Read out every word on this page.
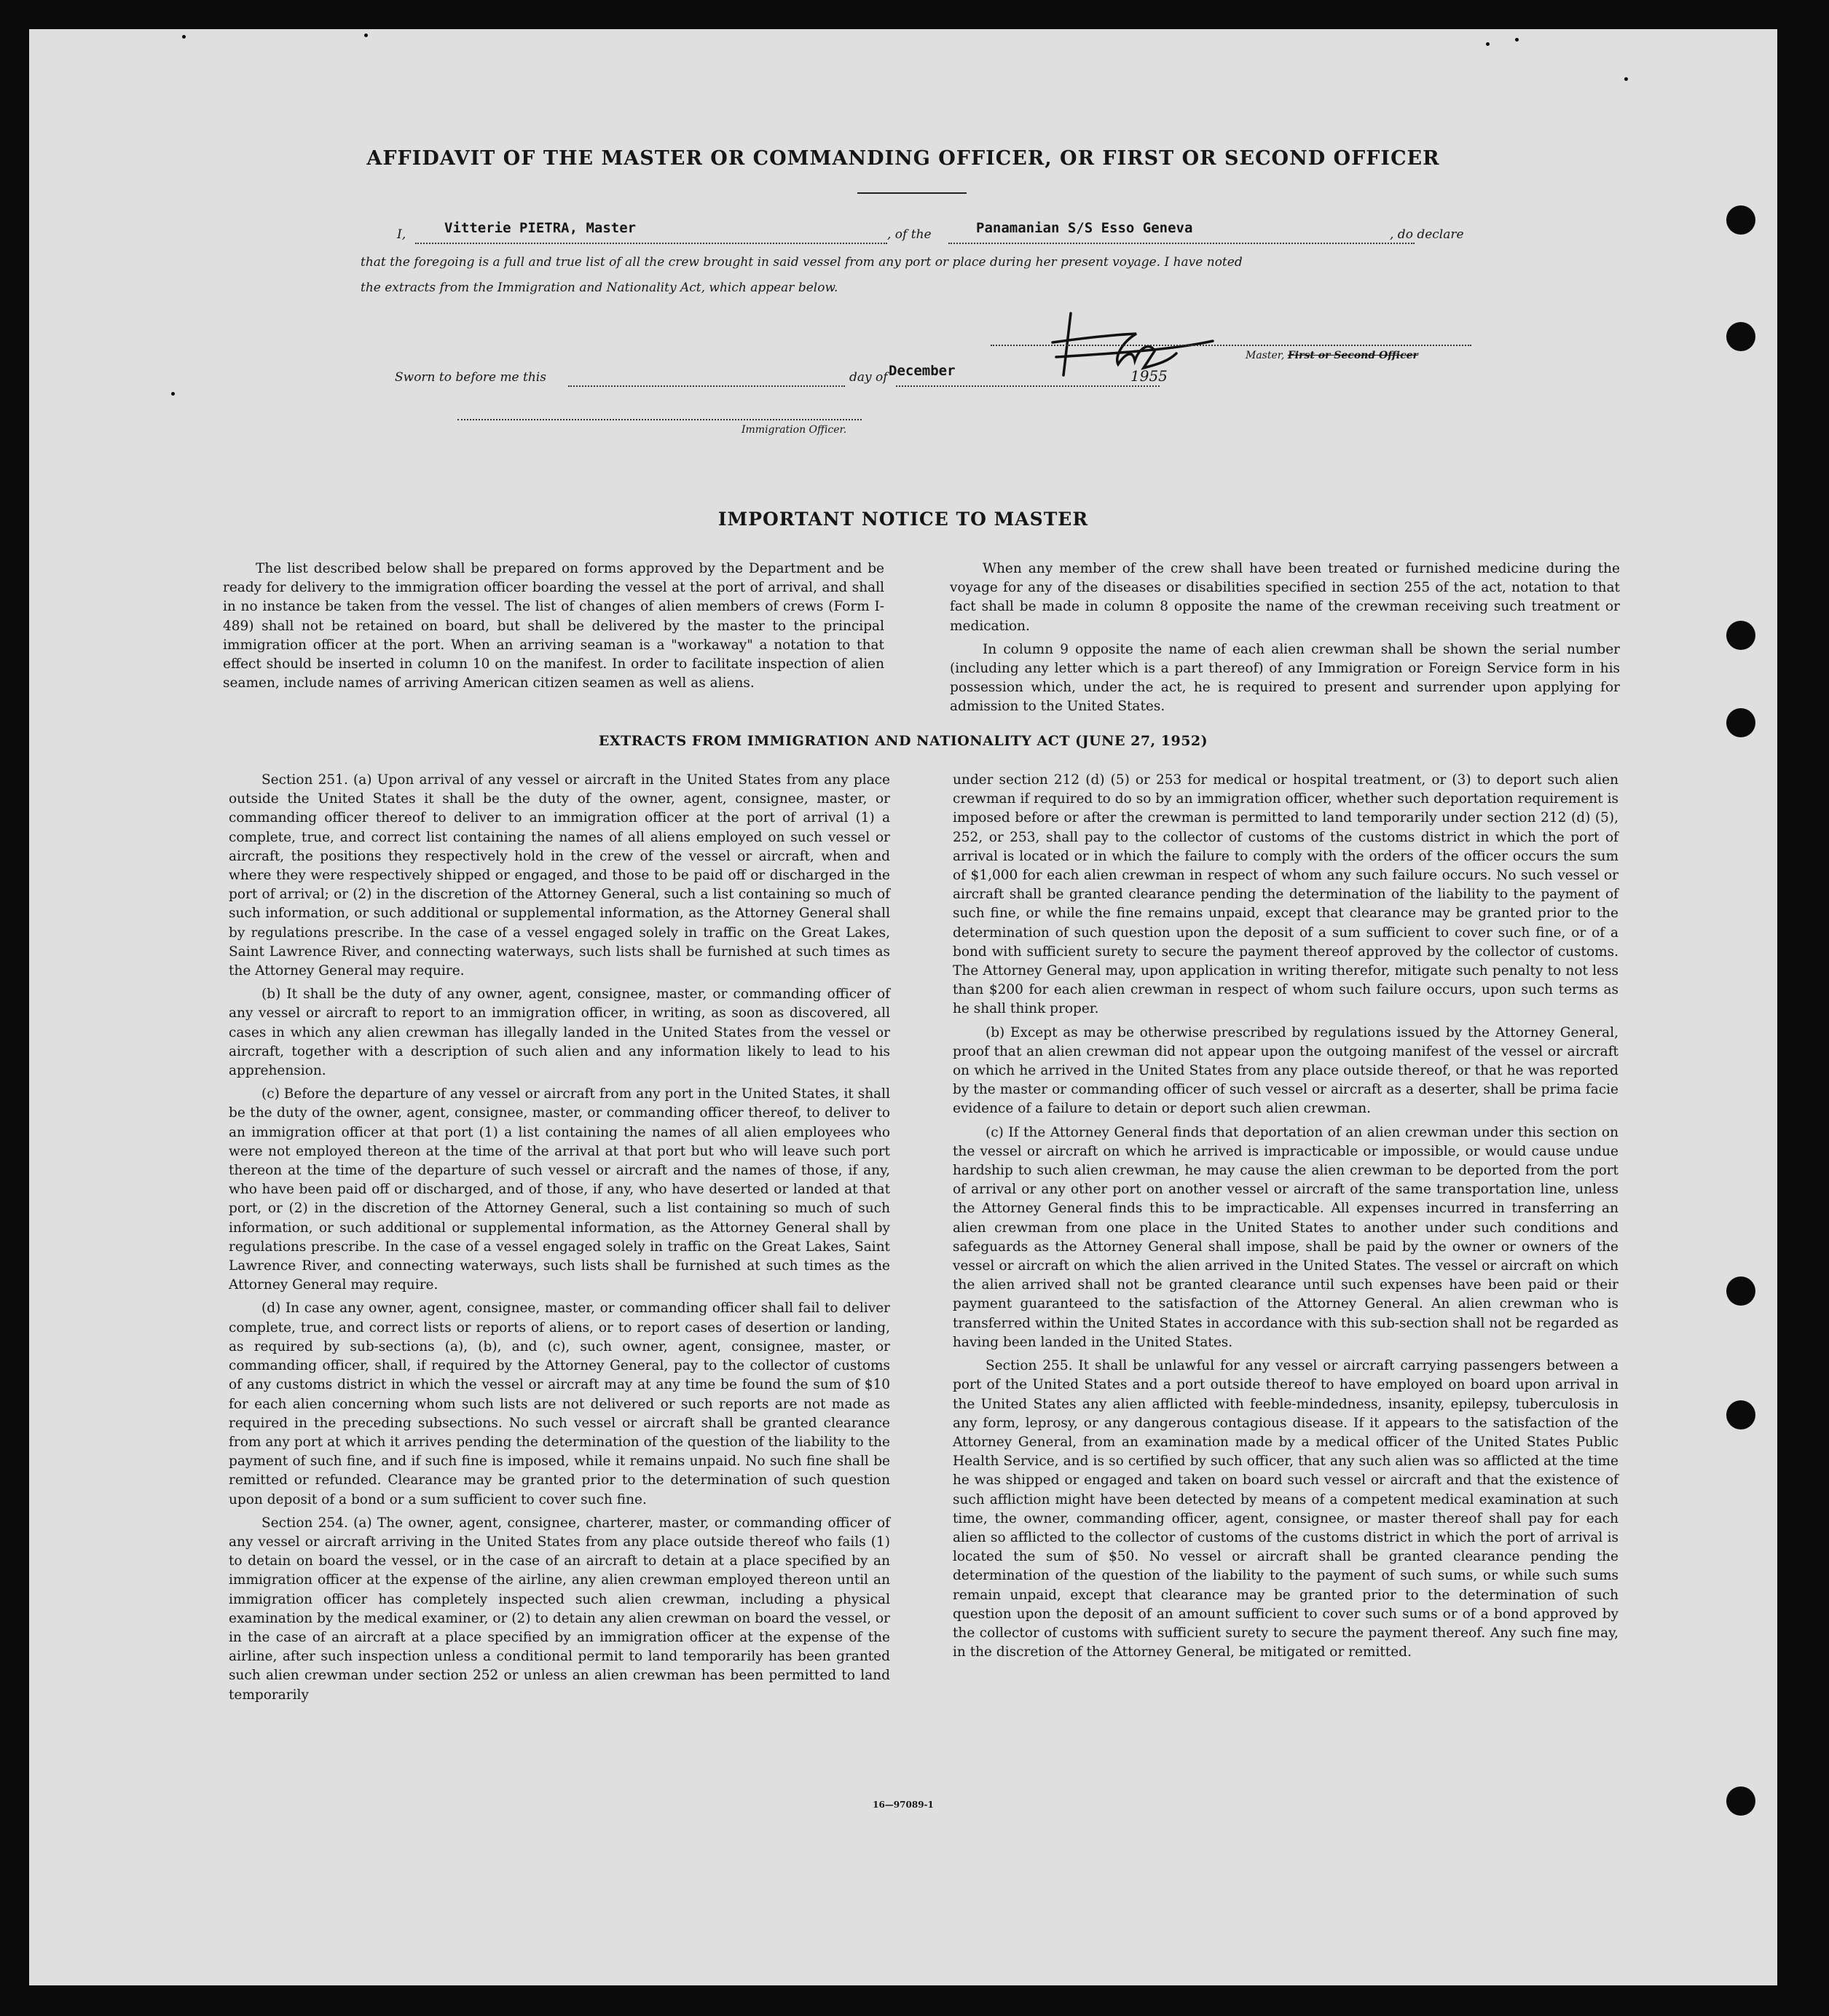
AFFIDAVIT OF THE MASTER OR COMMANDING OFFICER, OR FIRST OR SECOND OFFICER
I,	Vitterie PIETRA, Master	, of the	Panamanian S/S Esso Geneva	, do declare
that the foregoing is a full and true list of all the crew brought in said vessel from any port or place during her present voyage. I have noted
the extracts from the Immigration and Nationality Act, which appear below.
Master, First or Second Officer
Sworn to before me this	day of December	1955
Immigration Officer.
IMPORTANT NOTICE TO MASTER

The list described below shall be prepared on forms approved by the Department and be ready for delivery to the immigration officer boarding the vessel at the port of arrival, and shall in no instance be taken from the vessel. The list of changes of alien members of crews (Form I-489) shall not be retained on board, but shall be delivered by the master to the principal immigration officer at the port. When an arriving seaman is a "workaway" a notation to that effect should be inserted in column 10 on the manifest. In order to facilitate inspection of alien seamen, include names of arriving American citizen seamen as well as aliens.

When any member of the crew shall have been treated or furnished medicine during the voyage for any of the diseases or disabilities specified in section 255 of the act, notation to that fact shall be made in column 8 opposite the name of the crewman receiving such treatment or medication.

In column 9 opposite the name of each alien crewman shall be shown the serial number (including any letter which is a part thereof) of any Immigration or Foreign Service form in his possession which, under the act, he is required to present and surrender upon applying for admission to the United States.

EXTRACTS FROM IMMIGRATION AND NATIONALITY ACT (JUNE 27, 1952)

Section 251. (a) Upon arrival of any vessel or aircraft in the United States from any place outside the United States it shall be the duty of the owner, agent, consignee, master, or commanding officer thereof to deliver to an immigration officer at the port of arrival (1) a complete, true, and correct list containing the names of all aliens employed on such vessel or aircraft, the positions they respectively hold in the crew of the vessel or aircraft, when and where they were respectively shipped or engaged, and those to be paid off or discharged in the port of arrival; or (2) in the discretion of the Attorney General, such a list containing so much of such information, or such additional or supplemental information, as the Attorney General shall by regulations prescribe. In the case of a vessel engaged solely in traffic on the Great Lakes, Saint Lawrence River, and connecting waterways, such lists shall be furnished at such times as the Attorney General may require.

(b) It shall be the duty of any owner, agent, consignee, master, or commanding officer of any vessel or aircraft to report to an immigration officer, in writing, as soon as discovered, all cases in which any alien crewman has illegally landed in the United States from the vessel or aircraft, together with a description of such alien and any information likely to lead to his apprehension.

(c) Before the departure of any vessel or aircraft from any port in the United States, it shall be the duty of the owner, agent, consignee, master, or commanding officer thereof, to deliver to an immigration officer at that port (1) a list containing the names of all alien employees who were not employed thereon at the time of the arrival at that port but who will leave such port thereon at the time of the departure of such vessel or aircraft and the names of those, if any, who have been paid off or discharged, and of those, if any, who have deserted or landed at that port, or (2) in the discretion of the Attorney General, such a list containing so much of such information, or such additional or supplemental information, as the Attorney General shall by regulations prescribe. In the case of a vessel engaged solely in traffic on the Great Lakes, Saint Lawrence River, and connecting waterways, such lists shall be furnished at such times as the Attorney General may require.

(d) In case any owner, agent, consignee, master, or commanding officer shall fail to deliver complete, true, and correct lists or reports of aliens, or to report cases of desertion or landing, as required by sub-sections (a), (b), and (c), such owner, agent, consignee, master, or commanding officer, shall, if required by the Attorney General, pay to the collector of customs of any customs district in which the vessel or aircraft may at any time be found the sum of $10 for each alien concerning whom such lists are not delivered or such reports are not made as required in the preceding subsections. No such vessel or aircraft shall be granted clearance from any port at which it arrives pending the determination of the question of the liability to the payment of such fine, and if such fine is imposed, while it remains unpaid. No such fine shall be remitted or refunded. Clearance may be granted prior to the determination of such question upon deposit of a bond or a sum sufficient to cover such fine.

Section 254. (a) The owner, agent, consignee, charterer, master, or commanding officer of any vessel or aircraft arriving in the United States from any place outside thereof who fails (1) to detain on board the vessel, or in the case of an aircraft to detain at a place specified by an immigration officer at the expense of the airline, any alien crewman employed thereon until an immigration officer has completely inspected such alien crewman, including a physical examination by the medical examiner, or (2) to detain any alien crewman on board the vessel, or in the case of an aircraft at a place specified by an immigration officer at the expense of the airline, after such inspection unless a conditional permit to land temporarily has been granted such alien crewman under section 252 or unless an alien crewman has been permitted to land temporarily

under section 212 (d) (5) or 253 for medical or hospital treatment, or (3) to deport such alien crewman if required to do so by an immigration officer, whether such deportation requirement is imposed before or after the crewman is permitted to land temporarily under section 212 (d) (5), 252, or 253, shall pay to the collector of customs of the customs district in which the port of arrival is located or in which the failure to comply with the orders of the officer occurs the sum of $1,000 for each alien crewman in respect of whom any such failure occurs. No such vessel or aircraft shall be granted clearance pending the determination of the liability to the payment of such fine, or while the fine remains unpaid, except that clearance may be granted prior to the determination of such question upon the deposit of a sum sufficient to cover such fine, or of a bond with sufficient surety to secure the payment thereof approved by the collector of customs. The Attorney General may, upon application in writing therefor, mitigate such penalty to not less than $200 for each alien crewman in respect of whom such failure occurs, upon such terms as he shall think proper.

(b) Except as may be otherwise prescribed by regulations issued by the Attorney General, proof that an alien crewman did not appear upon the outgoing manifest of the vessel or aircraft on which he arrived in the United States from any place outside thereof, or that he was reported by the master or commanding officer of such vessel or aircraft as a deserter, shall be prima facie evidence of a failure to detain or deport such alien crewman.

(c) If the Attorney General finds that deportation of an alien crewman under this section on the vessel or aircraft on which he arrived is impracticable or impossible, or would cause undue hardship to such alien crewman, he may cause the alien crewman to be deported from the port of arrival or any other port on another vessel or aircraft of the same transportation line, unless the Attorney General finds this to be impracticable. All expenses incurred in transferring an alien crewman from one place in the United States to another under such conditions and safeguards as the Attorney General shall impose, shall be paid by the owner or owners of the vessel or aircraft on which the alien arrived in the United States. The vessel or aircraft on which the alien arrived shall not be granted clearance until such expenses have been paid or their payment guaranteed to the satisfaction of the Attorney General. An alien crewman who is transferred within the United States in accordance with this sub-section shall not be regarded as having been landed in the United States.

Section 255. It shall be unlawful for any vessel or aircraft carrying passengers between a port of the United States and a port outside thereof to have employed on board upon arrival in the United States any alien afflicted with feeble-mindedness, insanity, epilepsy, tuberculosis in any form, leprosy, or any dangerous contagious disease. If it appears to the satisfaction of the Attorney General, from an examination made by a medical officer of the United States Public Health Service, and is so certified by such officer, that any such alien was so afflicted at the time he was shipped or engaged and taken on board such vessel or aircraft and that the existence of such affliction might have been detected by means of a competent medical examination at such time, the owner, commanding officer, agent, consignee, or master thereof shall pay for each alien so afflicted to the collector of customs of the customs district in which the port of arrival is located the sum of $50. No vessel or aircraft shall be granted clearance pending the determination of the question of the liability to the payment of such sums, or while such sums remain unpaid, except that clearance may be granted prior to the determination of such question upon the deposit of an amount sufficient to cover such sums or of a bond approved by the collector of customs with sufficient surety to secure the payment thereof. Any such fine may, in the discretion of the Attorney General, be mitigated or remitted.

16—97089-1
